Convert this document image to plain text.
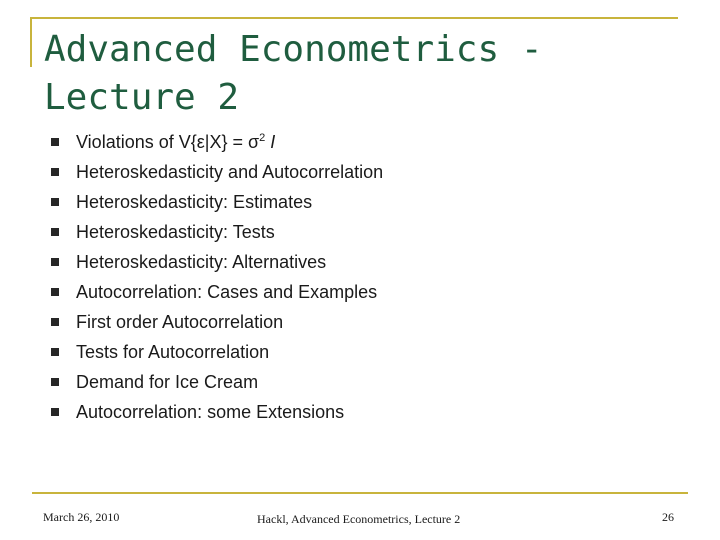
Advanced Econometrics - Lecture 2
Violations of $V\{\varepsilon|X\} = \sigma^2$ I
Heteroskedasticity and Autocorrelation
Heteroskedasticity: Estimates
Heteroskedasticity: Tests
Heteroskedasticity: Alternatives
Autocorrelation: Cases and Examples
First order Autocorrelation
Tests for Autocorrelation
Demand for Ice Cream
Autocorrelation: some Extensions
March 26, 2010	Hackl, Advanced Econometrics, Lecture 2	26
